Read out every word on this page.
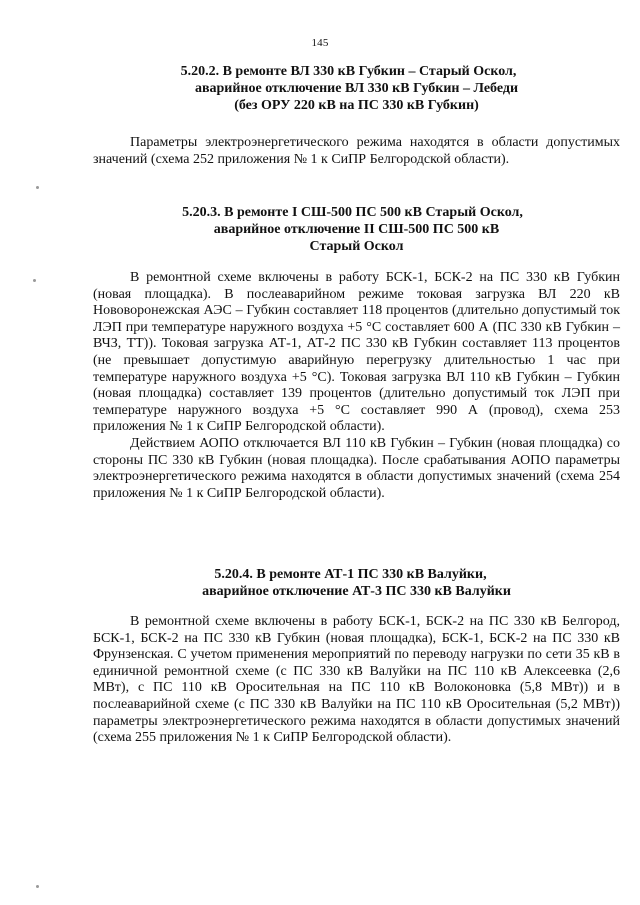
145
5.20.2. В ремонте ВЛ 330 кВ Губкин – Старый Оскол,
аварийное отключение ВЛ 330 кВ Губкин – Лебеди
(без ОРУ 220 кВ на ПС 330 кВ Губкин)

Параметры электроэнергетического режима находятся в области допустимых значений (схема 252 приложения № 1 к СиПР Белгородской области).

5.20.3. В ремонте I СШ-500 ПС 500 кВ Старый Оскол,
аварийное отключение II СШ-500 ПС 500 кВ
Старый Оскол

В ремонтной схеме включены в работу БСК-1, БСК-2 на ПС 330 кВ Губкин (новая площадка). В послеаварийном режиме токовая загрузка ВЛ 220 кВ Нововоронежская АЭС – Губкин составляет 118 процентов (длительно допустимый ток ЛЭП при температуре наружного воздуха +5 °С составляет 600 А (ПС 330 кВ Губкин – ВЧЗ, ТТ)). Токовая загрузка АТ-1, АТ-2 ПС 330 кВ Губкин составляет 113 процентов (не превышает допустимую аварийную перегрузку длительностью 1 час при температуре наружного воздуха +5 °С). Токовая загрузка ВЛ 110 кВ Губкин – Губкин (новая площадка) составляет 139 процентов (длительно допустимый ток ЛЭП при температуре наружного воздуха +5 °С составляет 990 А (провод), схема 253 приложения № 1 к СиПР Белгородской области).

Действием АОПО отключается ВЛ 110 кВ Губкин – Губкин (новая площадка) со стороны ПС 330 кВ Губкин (новая площадка). После срабатывания АОПО параметры электроэнергетического режима находятся в области допустимых значений (схема 254 приложения № 1 к СиПР Белгородской области).

5.20.4. В ремонте АТ-1 ПС 330 кВ Валуйки,
аварийное отключение АТ-3 ПС 330 кВ Валуйки

В ремонтной схеме включены в работу БСК-1, БСК-2 на ПС 330 кВ Белгород, БСК-1, БСК-2 на ПС 330 кВ Губкин (новая площадка), БСК-1, БСК-2 на ПС 330 кВ Фрунзенская. С учетом применения мероприятий по переводу нагрузки по сети 35 кВ в единичной ремонтной схеме (с ПС 330 кВ Валуйки на ПС 110 кВ Алексеевка (2,6 МВт), с ПС 110 кВ Оросительная на ПС 110 кВ Волоконовка (5,8 МВт)) и в послеаварийной схеме (с ПС 330 кВ Валуйки на ПС 110 кВ Оросительная (5,2 МВт)) параметры электроэнергетического режима находятся в области допустимых значений (схема 255 приложения № 1 к СиПР Белгородской области).
